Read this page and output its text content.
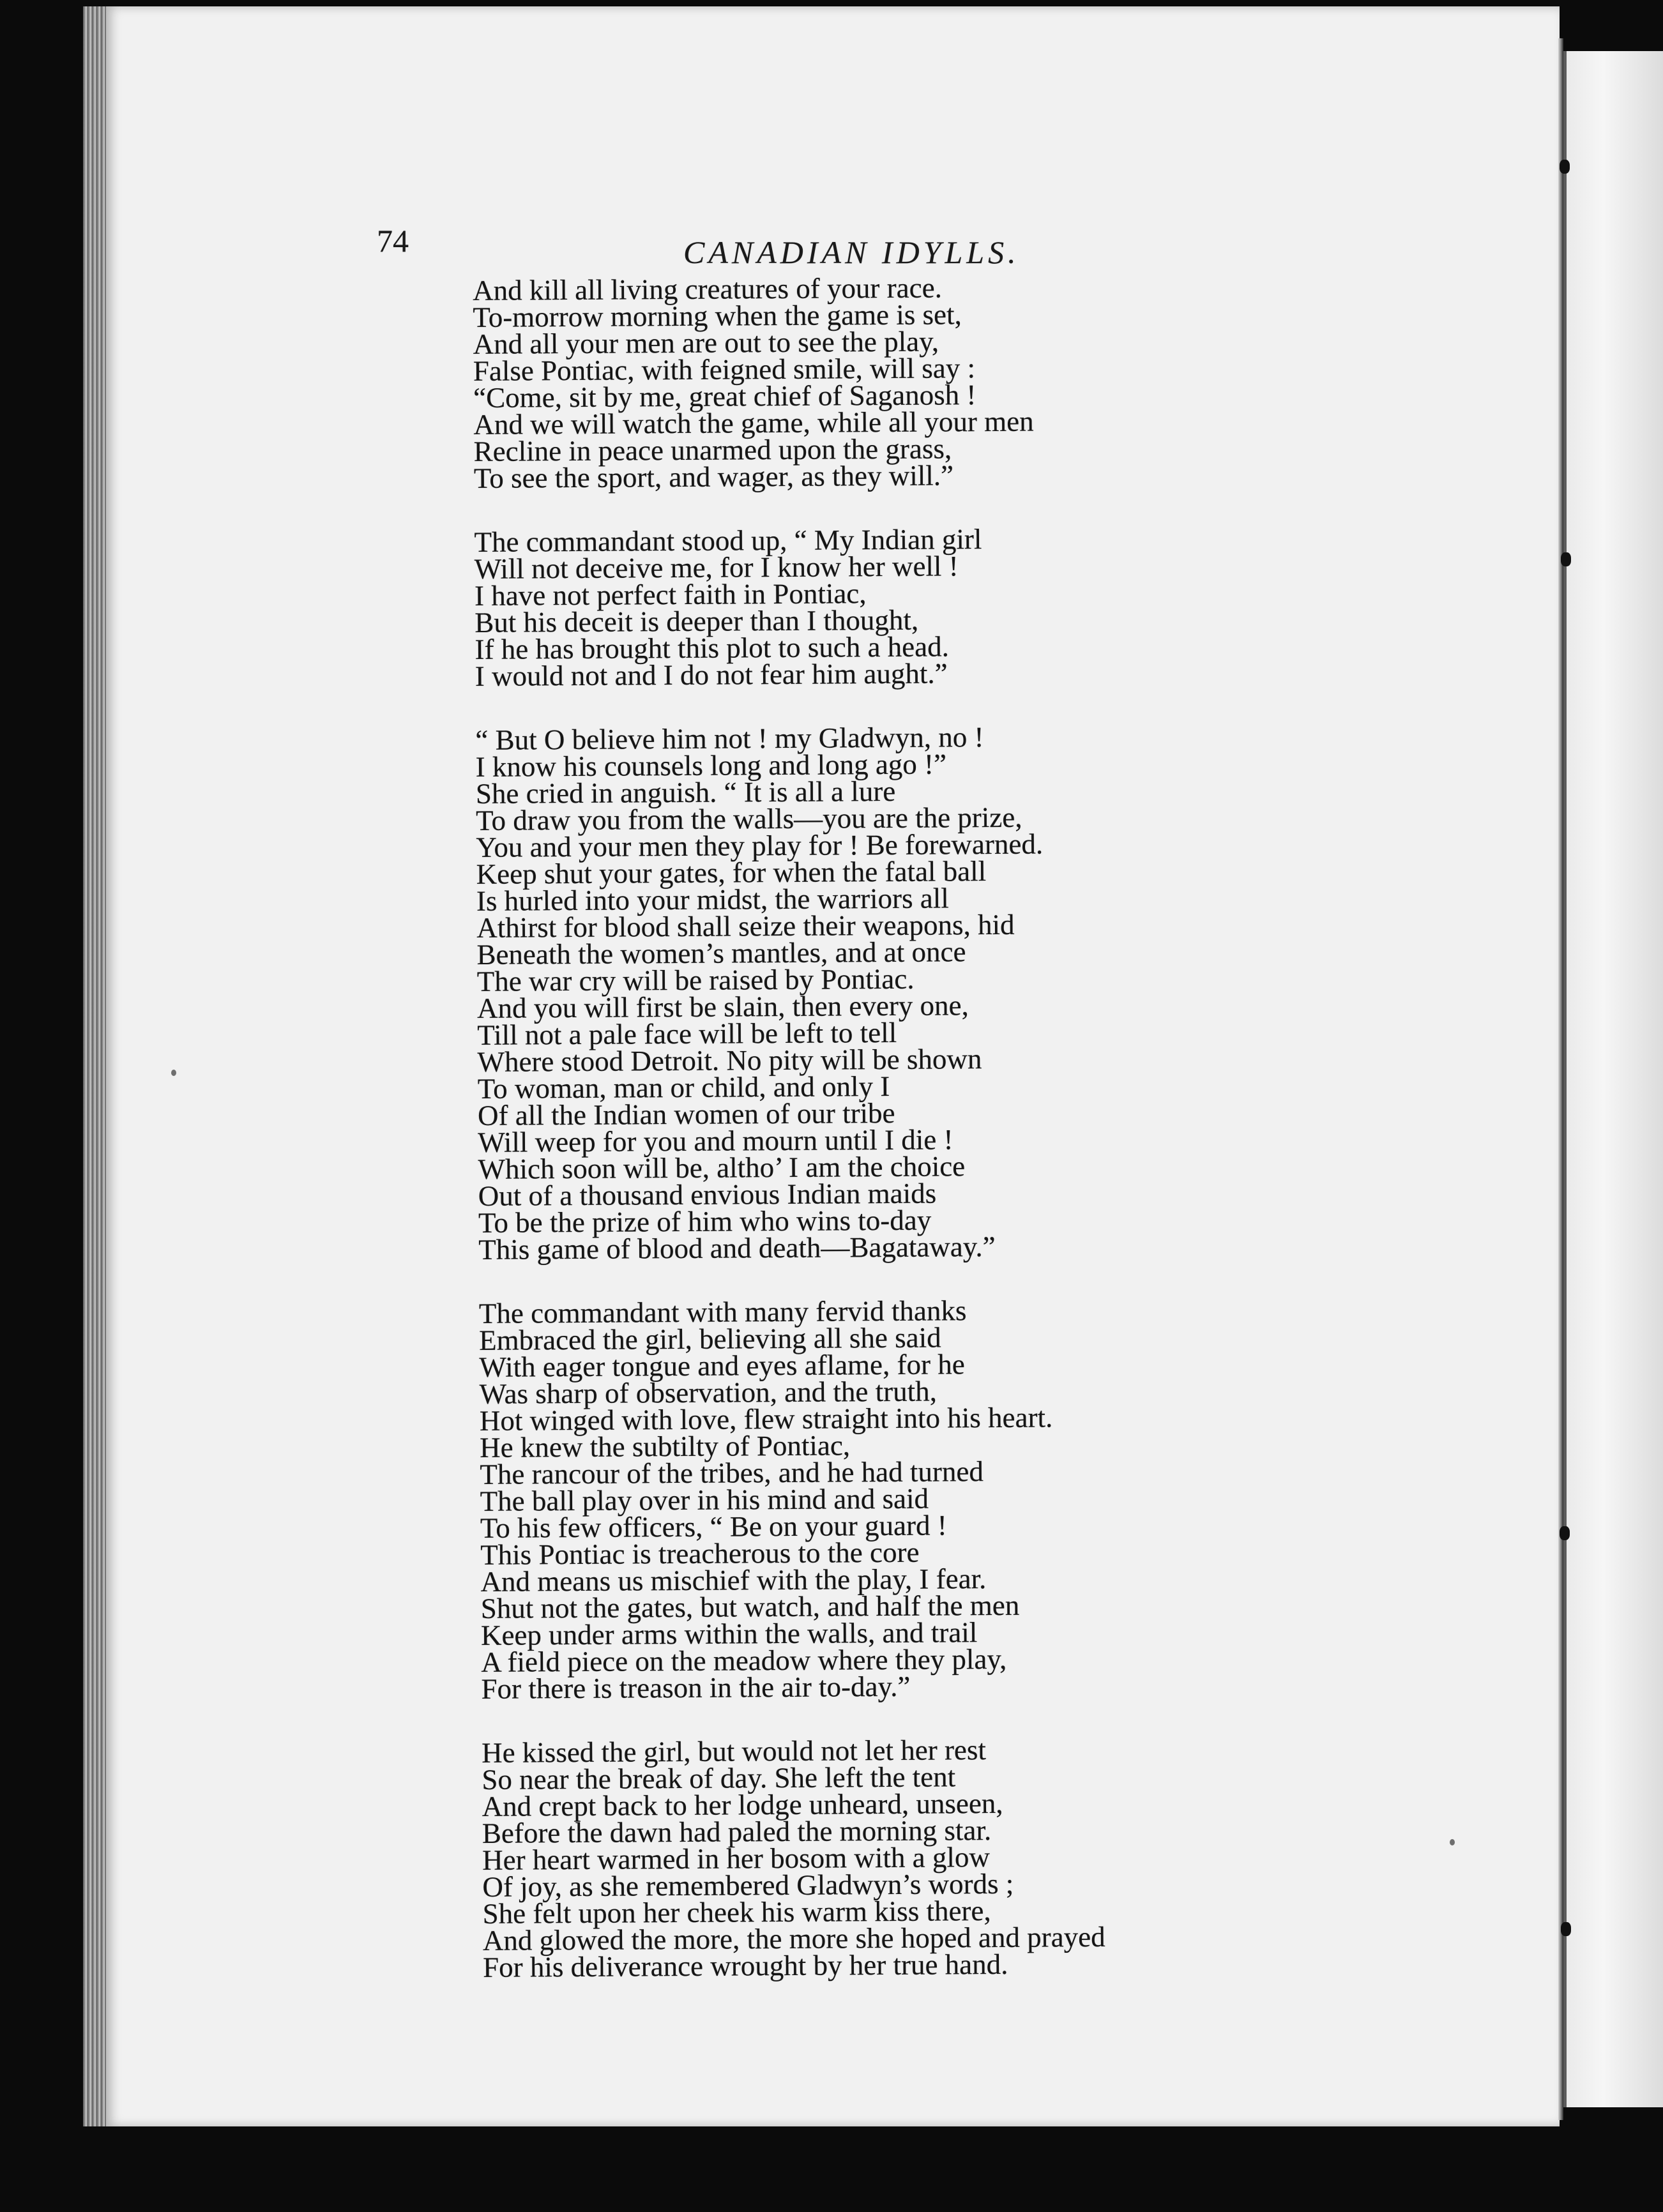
74	CANADIAN IDYLLS.

And kill all living creatures of your race.
To-morrow morning when the game is set,
And all your men are out to see the play,
False Pontiac, with feigned smile, will say :
“Come, sit by me, great chief of Saganosh !
And we will watch the game, while all your men
Recline in peace unarmed upon the grass,
To see the sport, and wager, as they will.”
The commandant stood up, “ My Indian girl
Will not deceive me, for I know her well !
I have not perfect faith in Pontiac,
But his deceit is deeper than I thought,
If he has brought this plot to such a head.
I would not and I do not fear him aught.”
“ But O believe him not ! my Gladwyn, no !
I know his counsels long and long ago !”
She cried in anguish. “ It is all a lure
To draw you from the walls—you are the prize,
You and your men they play for ! Be forewarned.
Keep shut your gates, for when the fatal ball
Is hurled into your midst, the warriors all
Athirst for blood shall seize their weapons, hid
Beneath the women’s mantles, and at once
The war cry will be raised by Pontiac.
And you will first be slain, then every one,
Till not a pale face will be left to tell
Where stood Detroit. No pity will be shown
To woman, man or child, and only I
Of all the Indian women of our tribe
Will weep for you and mourn until I die !
Which soon will be, altho’ I am the choice
Out of a thousand envious Indian maids
To be the prize of him who wins to-day
This game of blood and death—Bagataway.”
The commandant with many fervid thanks
Embraced the girl, believing all she said
With eager tongue and eyes aflame, for he
Was sharp of observation, and the truth,
Hot winged with love, flew straight into his heart.
He knew the subtilty of Pontiac,
The rancour of the tribes, and he had turned
The ball play over in his mind and said
To his few officers, “ Be on your guard !
This Pontiac is treacherous to the core
And means us mischief with the play, I fear.
Shut not the gates, but watch, and half the men
Keep under arms within the walls, and trail
A field piece on the meadow where they play,
For there is treason in the air to-day.”
He kissed the girl, but would not let her rest
So near the break of day. She left the tent
And crept back to her lodge unheard, unseen,
Before the dawn had paled the morning star.
Her heart warmed in her bosom with a glow
Of joy, as she remembered Gladwyn’s words ;
She felt upon her cheek his warm kiss there,
And glowed the more, the more she hoped and prayed
For his deliverance wrought by her true hand.
